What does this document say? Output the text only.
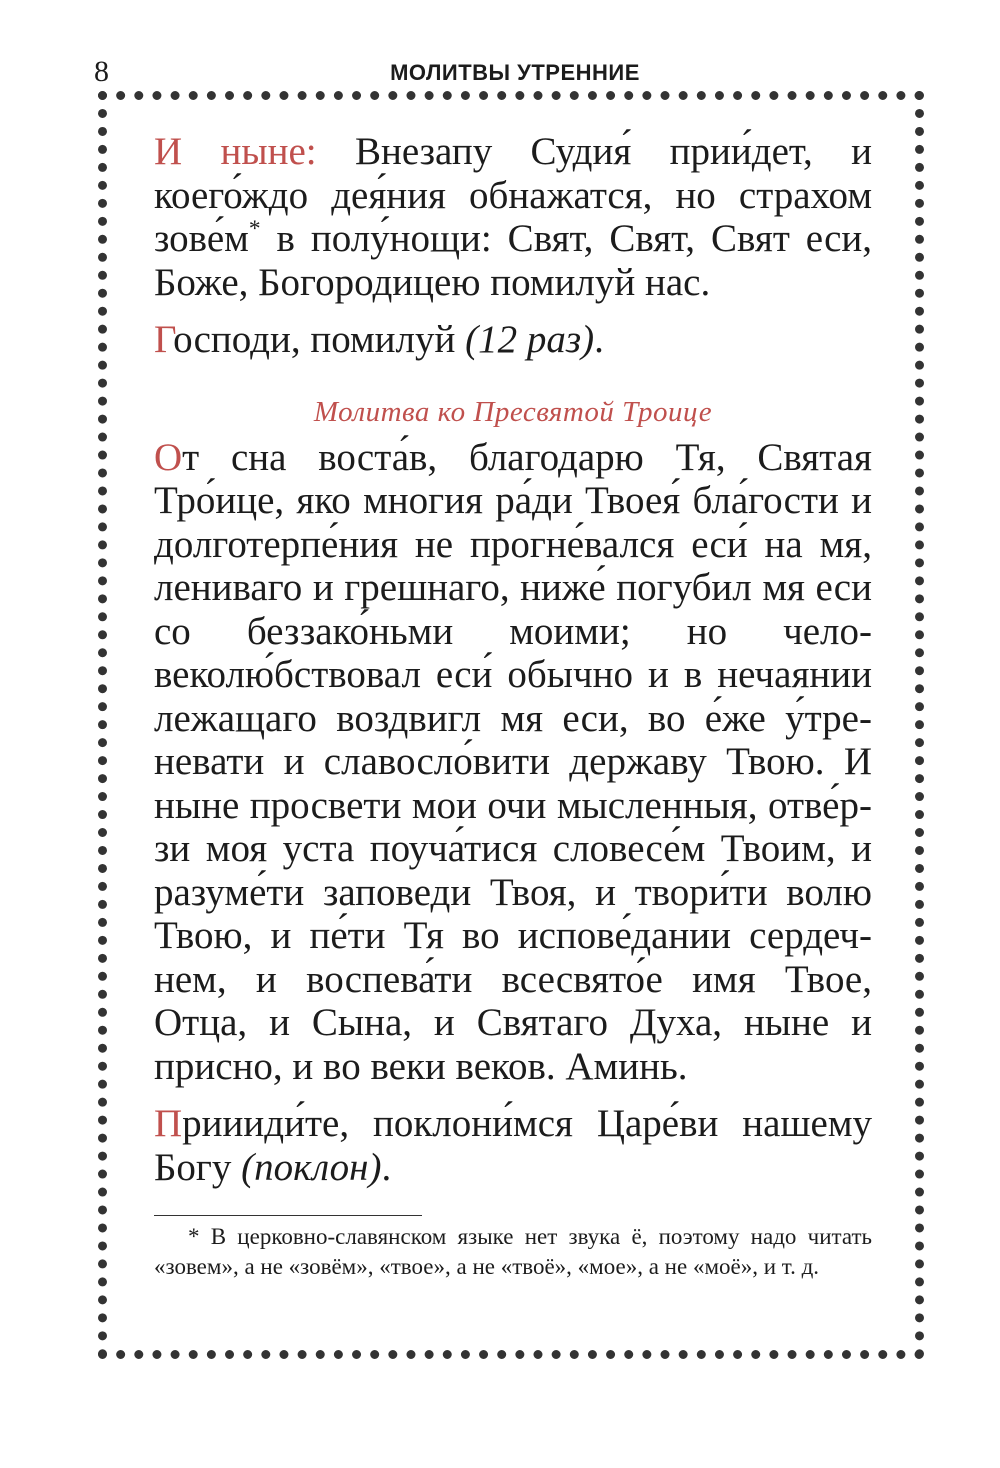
8	МОЛИТВЫ УТРЕННИЕ

И ныне: Внезапу Судия́ прии́дет, и коего́ждо дея́ния обнажатся, но страхом зове́м* в полу́нощи: Свят, Свят, Свят еси, Боже, Богородицею помилуй нас.

Господи, помилуй (12 раз).

Молитва ко Пресвятой Троице

От сна воста́в, благодарю Тя, Святая Тро́ице, яко многия ра́ди Твоея́ бла́гости и долготерпе́ния не прогне́вался еси́ на мя, лениваго и грешнаго, ниже́ погубил мя еси со беззако́ньми моими; но человеколю́бствовал еси́ обычно и в нечаянии лежащаго воздвигл мя еси, во е́же у́треневати и славосло́вити державу Твою. И ныне просвети мои очи мысленныя, отве́рзи моя уста поуча́тися словесе́м Твоим, и разуме́ти заповеди Твоя, и твори́ти волю Твою, и пе́ти Тя во испове́дании сердечнем, и воспева́ти всесвято́е имя Твое, Отца, и Сына, и Святаго Духа, ныне и присно, и во веки веков. Аминь.

Приииди́те, поклони́мся Царе́ви нашему Богу (поклон).

* В церковно-славянском языке нет звука ё, поэтому надо читать «зовем», а не «зовём», «твое», а не «твоё», «мое», а не «моё», и т. д.
